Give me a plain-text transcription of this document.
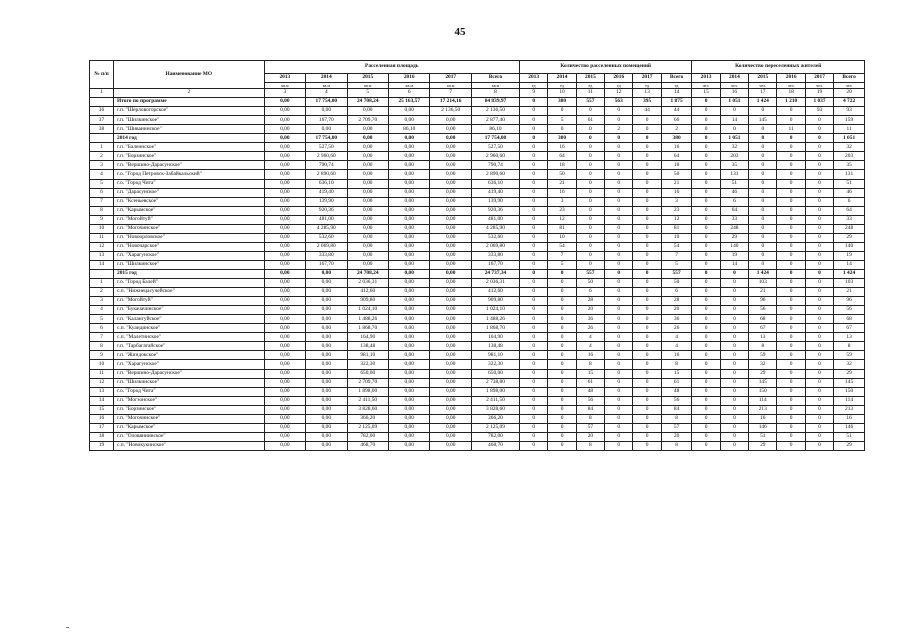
45
№ п/п	Наименование МО	Расселенная площадь						Количество расселенных помещений						Количество переселенных жителей					
		2013	2014	2015	2016	2017	Всего	2013	2014	2015	2016	2017	Всего	2013	2014	2015	2016	2017	Всего
		кв.м	кв.м	кв.м	кв.м	кв.м	кв.м	ед	ед	ед	ед	ед	ед	чел.	чел.	чел.	чел.	чел.	чел.
1	2	3	4	5	6	7	8	9	10	11	12	13	14	15	16	17	18	19	20
	Итого по программе	0,00	17 754,00	24 708,24	25 163,57	17 214,16	84 839,97	0	380	557	563	395	1 875	0	1 051	1 424	1 210	1 037	4 722
36	г.п. "Шерловогорское"	0,00	0,00	0,00	0,00	2 136,50	2 136,50	0	0	0	0	44	44	0	0	0	0	93	93
37	г.п. "Шилкинское"	0,00	167,70	2 709,70	0,00	0,00	2 877,40	0	5	61	0	0	66	0	14	145	0	0	159
38	г.п. "Шиванинское"	0,00	0,00	0,00	86,10	0,00	86,10	0	0	0	2	0	2	0	0	0	11	0	11
	2014 год	0,00	17 754,00	0,00	0,00	0,00	17 754,00	0	380	0	0	0	380	0	1 051	0	0	0	1 051
1	г.п. "Балеинское"	0,00	527,50	0,00	0,00	0,00	527,50	0	16	0	0	0	16	0	32	0	0	0	32
2	г.п. "Борзинское"	0,00	2 960,60	0,00	0,00	0,00	2 960,60	0	64	0	0	0	64	0	203	0	0	0	203
3	г.п. "Вершино-Дарасунское"	0,00	790,74	0,00	0,00	0,00	790,74	0	18	0	0	0	18	0	35	0	0	0	35
4	г.о. "Город Петровск-Забайкальский"	0,00	2 890,60	0,00	0,00	0,00	2 890,60	0	50	0	0	0	50	0	131	0	0	0	131
5	г.о. "Город Чита"	0,00	636,10	0,00	0,00	0,00	636,10	0	21	0	0	0	21	0	51	0	0	0	51
6	г.п. "Дарасунское"	0,00	419,40	0,00	0,00	0,00	419,40	0	16	0	0	0	16	0	46	0	0	0	46
7	г.п. "Ксеньевское"	0,00	139,90	0,00	0,00	0,00	139,90	0	3	0	0	0	3	0	6	0	0	0	6
8	г.п. "Карымское"	0,00	920,36	0,00	0,00	0,00	920,36	0	23	0	0	0	23	0	64	0	0	0	64
9	г.п. "Могойтуй"	0,00	481,00	0,00	0,00	0,00	481,00	0	12	0	0	0	12	0	33	0	0	0	33
10	г.п. "Могочинское"	0,00	4 285,90	0,00	0,00	0,00	4 285,90	0	81	0	0	0	81	0	248	0	0	0	248
11	г.п. "Новоорловское"	0,00	532,60	0,00	0,00	0,00	532,60	0	10	0	0	0	10	0	29	0	0	0	29
12	г.п. "Новочарское"	0,00	2 069,80	0,00	0,00	0,00	2 069,80	0	54	0	0	0	54	0	140	0	0	0	140
13	г.п. "Харагунское"	0,00	333,80	0,00	0,00	0,00	333,80	0	7	0	0	0	7	0	19	0	0	0	19
14	г.п. "Шилкинское"	0,00	167,70	0,00	0,00	0,00	167,70	0	5	0	0	0	5	0	14	0	0	0	14
	2015 год	0,00	0,00	24 708,24	0,00	0,00	24 737,34	0	0	557	0	0	557	0	0	1 424	0	0	1 424
1	г.о. "Город Балей"	0,00	0,00	2 036,31	0,00	0,00	2 036,31	0	0	50	0	0	50	0	0	103	0	0	103
2	с.п. "Нижнецасучейское"	0,00	0,00	412,60	0,00	0,00	412,60	0	0	6	0	0	6	0	0	21	0	0	21
3	г.п. "Могойтуй"	0,00	0,00	909,80	0,00	0,00	909,80	0	0	28	0	0	28	0	0	96	0	0	96
4	г.п. "Букачачинское"	0,00	0,00	1 024,10	0,00	0,00	1 024,10	0	0	20	0	0	20	0	0	56	0	0	56
5	г.п. "Калангуйское"	0,00	0,00	1 488,26	0,00	0,00	1 488,26	0	0	36	0	0	36	0	0	68	0	0	68
6	с.п. "Куандинское"	0,00	0,00	1 868,70	0,00	0,00	1 868,70	0	0	26	0	0	26	0	0	67	0	0	67
7	с.п. "Малетинское"	0,00	0,00	164,90	0,00	0,00	164,90	0	0	4	0	0	4	0	0	13	0	0	13
8	г.п. "Тарбагатайское"	0,00	0,00	138,48	0,00	0,00	138,48	0	0	4	0	0	4	0	0	8	0	0	8
9	г.п. "Жиндокское"	0,00	0,00	981,10	0,00	0,00	981,10	0	0	16	0	0	16	0	0	59	0	0	59
10	г.п. "Харагунское"	0,00	0,00	322,30	0,00	0,00	322,30	0	0	8	0	0	8	0	0	32	0	0	32
11	г.п. "Вершино-Дарасунское"	0,00	0,00	650,00	0,00	0,00	650,00	0	0	15	0	0	15	0	0	29	0	0	29
12	г.п. "Шилкинское"	0,00	0,00	2 709,70	0,00	0,00	2 738,80	0	0	61	0	0	61	0	0	145	0	0	145
13	г.о. "Город Чита"	0,00	0,00	1 898,00	0,00	0,00	1 898,00	0	0	48	0	0	48	0	0	150	0	0	150
14	г.п. "Могзонское"	0,00	0,00	2 411,50	0,00	0,00	2 411,50	0	0	56	0	0	56	0	0	114	0	0	114
15	г.п. "Борзинское"	0,00	0,00	3 828,60	0,00	0,00	3 828,60	0	0	84	0	0	84	0	0	213	0	0	213
16	г.п. "Могочинское"	0,00	0,00	366,20	0,00	0,00	366,20	0	0	8	0	0	8	0	0	16	0	0	16
17	г.п. "Карымское"	0,00	0,00	2 125,09	0,00	0,00	2 125,09	0	0	57	0	0	57	0	0	146	0	0	146
18	г.п. "Оловяннинское"	0,00	0,00	782,00	0,00	0,00	782,00	0	0	20	0	0	20	0	0	51	0	0	51
19	с.п. "Новокукинское"	0,00	0,00	468,70	0,00	0,00	468,70	0	0	8	0	0	8	0	0	29	0	0	29
